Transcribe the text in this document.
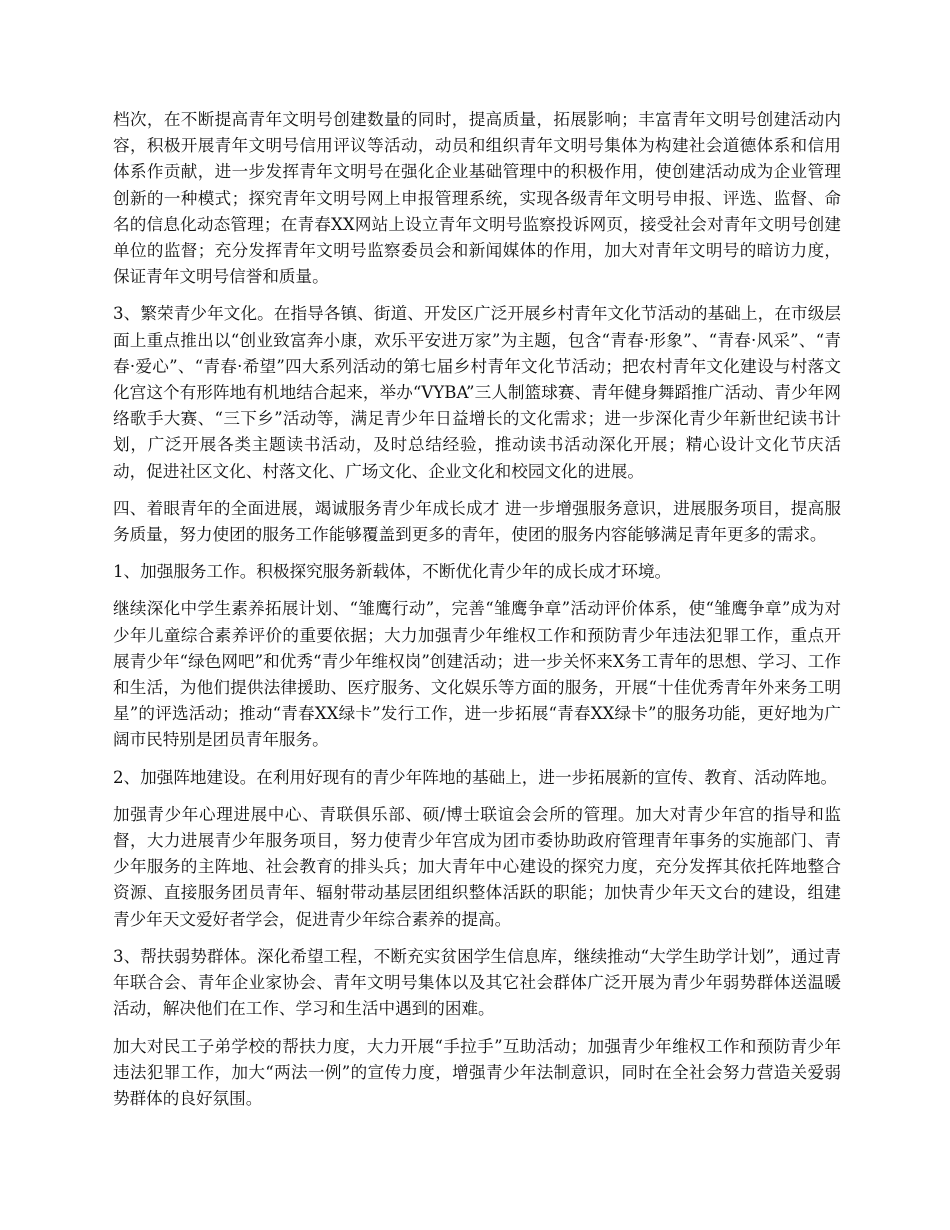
档次，在不断提高青年文明号创建数量的同时，提高质量，拓展影响；丰富青年文明号创建活动内容，积极开展青年文明号信用评议等活动，动员和组织青年文明号集体为构建社会道德体系和信用体系作贡献，进一步发挥青年文明号在强化企业基础管理中的积极作用，使创建活动成为企业管理创新的一种模式；探究青年文明号网上申报管理系统，实现各级青年文明号申报、评选、监督、命名的信息化动态管理；在青春XX网站上设立青年文明号监察投诉网页，接受社会对青年文明号创建单位的监督；充分发挥青年文明号监察委员会和新闻媒体的作用，加大对青年文明号的暗访力度，保证青年文明号信誉和质量。

3、繁荣青少年文化。在指导各镇、街道、开发区广泛开展乡村青年文化节活动的基础上，在市级层面上重点推出以“创业致富奔小康，欢乐平安进万家”为主题，包含“青春·形象”、“青春·风采”、“青春·爱心”、“青春·希望”四大系列活动的第七届乡村青年文化节活动；把农村青年文化建设与村落文化宫这个有形阵地有机地结合起来，举办“VYBA”三人制篮球赛、青年健身舞蹈推广活动、青少年网络歌手大赛、“三下乡”活动等，满足青少年日益增长的文化需求；进一步深化青少年新世纪读书计划，广泛开展各类主题读书活动，及时总结经验，推动读书活动深化开展；精心设计文化节庆活动，促进社区文化、村落文化、广场文化、企业文化和校园文化的进展。

四、着眼青年的全面进展，竭诚服务青少年成长成才 进一步增强服务意识，进展服务项目，提高服务质量，努力使团的服务工作能够覆盖到更多的青年，使团的服务内容能够满足青年更多的需求。

1、加强服务工作。积极探究服务新载体，不断优化青少年的成长成才环境。

继续深化中学生素养拓展计划、“雏鹰行动”，完善“雏鹰争章”活动评价体系，使“雏鹰争章”成为对少年儿童综合素养评价的重要依据；大力加强青少年维权工作和预防青少年违法犯罪工作，重点开展青少年“绿色网吧”和优秀“青少年维权岗”创建活动；进一步关怀来X务工青年的思想、学习、工作和生活，为他们提供法律援助、医疗服务、文化娱乐等方面的服务，开展“十佳优秀青年外来务工明星”的评选活动；推动“青春XX绿卡”发行工作，进一步拓展“青春XX绿卡”的服务功能，更好地为广阔市民特别是团员青年服务。

2、加强阵地建设。在利用好现有的青少年阵地的基础上，进一步拓展新的宣传、教育、活动阵地。

加强青少年心理进展中心、青联俱乐部、硕/博士联谊会会所的管理。加大对青少年宫的指导和监督，大力进展青少年服务项目，努力使青少年宫成为团市委协助政府管理青年事务的实施部门、青少年服务的主阵地、社会教育的排头兵；加大青年中心建设的探究力度，充分发挥其依托阵地整合资源、直接服务团员青年、辐射带动基层团组织整体活跃的职能；加快青少年天文台的建设，组建青少年天文爱好者学会，促进青少年综合素养的提高。

3、帮扶弱势群体。深化希望工程，不断充实贫困学生信息库，继续推动“大学生助学计划”，通过青年联合会、青年企业家协会、青年文明号集体以及其它社会群体广泛开展为青少年弱势群体送温暖活动，解决他们在工作、学习和生活中遇到的困难。

加大对民工子弟学校的帮扶力度，大力开展“手拉手”互助活动；加强青少年维权工作和预防青少年违法犯罪工作，加大“两法一例”的宣传力度，增强青少年法制意识，同时在全社会努力营造关爱弱势群体的良好氛围。
